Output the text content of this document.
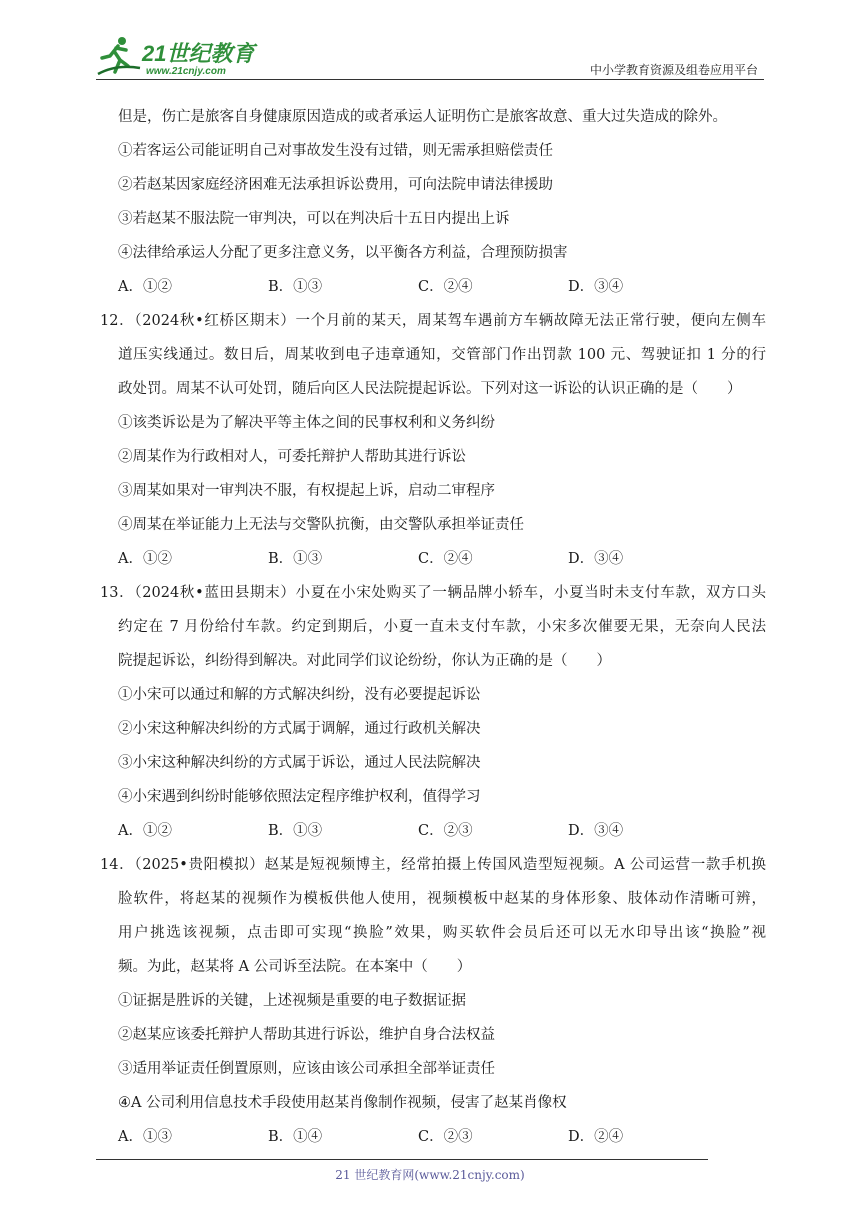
21世纪教育
www.21cnjy.com	中小学教育资源及组卷应用平台
但是，伤亡是旅客自身健康原因造成的或者承运人证明伤亡是旅客故意、重大过失造成的除外。
①若客运公司能证明自己对事故发生没有过错，则无需承担赔偿责任
②若赵某因家庭经济困难无法承担诉讼费用，可向法院申请法律援助
③若赵某不服法院一审判决，可以在判决后十五日内提出上诉
④法律给承运人分配了更多注意义务，以平衡各方利益，合理预防损害
A．①②	B．①③	C．②④	D．③④
12．（2024秋•红桥区期末）一个月前的某天，周某驾车遇前方车辆故障无法正常行驶，便向左侧车
道压实线通过。数日后，周某收到电子违章通知，交管部门作出罚款 100 元、驾驶证扣 1 分的行
政处罚。周某不认可处罚，随后向区人民法院提起诉讼。下列对这一诉讼的认识正确的是（　　）
①该类诉讼是为了解决平等主体之间的民事权利和义务纠纷
②周某作为行政相对人，可委托辩护人帮助其进行诉讼
③周某如果对一审判决不服，有权提起上诉，启动二审程序
④周某在举证能力上无法与交警队抗衡，由交警队承担举证责任
A．①②	B．①③	C．②④	D．③④
13．（2024秋•蓝田县期末）小夏在小宋处购买了一辆品牌小轿车，小夏当时未支付车款，双方口头
约定在 7 月份给付车款。约定到期后，小夏一直未支付车款，小宋多次催要无果，无奈向人民法
院提起诉讼，纠纷得到解决。对此同学们议论纷纷，你认为正确的是（　　）
①小宋可以通过和解的方式解决纠纷，没有必要提起诉讼
②小宋这种解决纠纷的方式属于调解，通过行政机关解决
③小宋这种解决纠纷的方式属于诉讼，通过人民法院解决
④小宋遇到纠纷时能够依照法定程序维护权利，值得学习
A．①②	B．①③	C．②③	D．③④
14．（2025•贵阳模拟）赵某是短视频博主，经常拍摄上传国风造型短视频。A 公司运营一款手机换
脸软件，将赵某的视频作为模板供他人使用，视频模板中赵某的身体形象、肢体动作清晰可辨，
用户挑选该视频，点击即可实现“换脸”效果，购买软件会员后还可以无水印导出该“换脸”视
频。为此，赵某将 A 公司诉至法院。在本案中（　　）
①证据是胜诉的关键，上述视频是重要的电子数据证据
②赵某应该委托辩护人帮助其进行诉讼，维护自身合法权益
③适用举证责任倒置原则，应该由该公司承担全部举证责任
④A 公司利用信息技术手段使用赵某肖像制作视频，侵害了赵某肖像权
A．①③	B．①④	C．②③	D．②④
21 世纪教育网(www.21cnjy.com)
